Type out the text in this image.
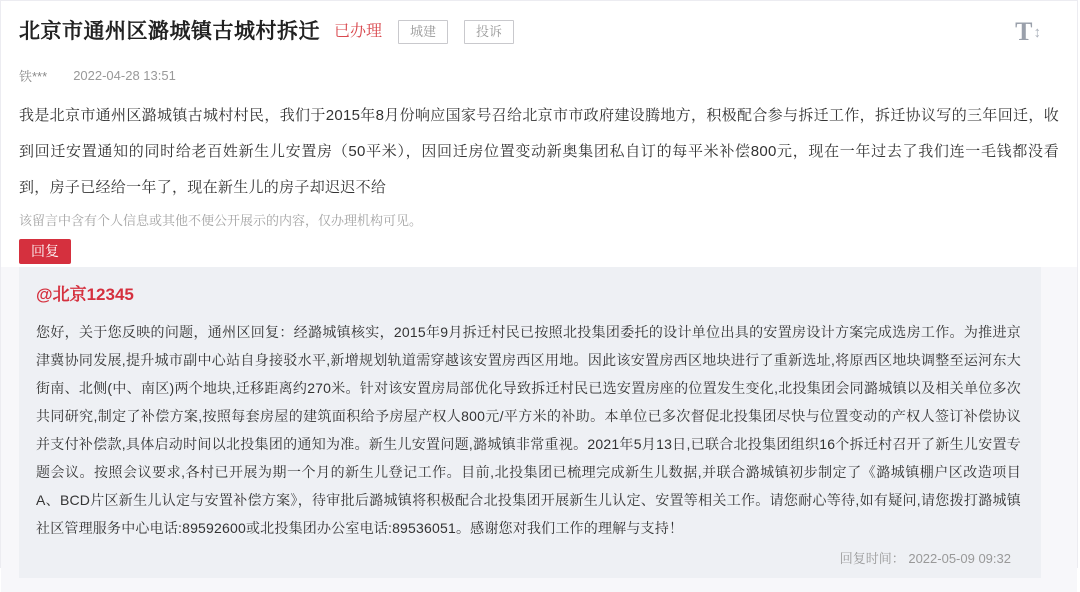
北京市通州区潞城镇古城村拆迁 已办理	城建	投诉	T ↕
铁*** 2022-04-28 13:51
我是北京市通州区潞城镇古城村村民，我们于2015年8月份响应国家号召给北京市市政府建设腾地方，积极配合参与拆迁工作，拆迁协议写的三年回迁，收到回迁安置通知的同时给老百姓新生儿安置房（50平米），因回迁房位置变动新奥集团私自订的每平米补偿800元，现在一年过去了我们连一毛钱都没看到，房子已经给一年了，现在新生儿的房子却迟迟不给
该留言中含有个人信息或其他不便公开展示的内容，仅办理机构可见。
回复
@北京12345
您好，关于您反映的问题，通州区回复：经潞城镇核实，2015年9月拆迁村民已按照北投集团委托的设计单位出具的安置房设计方案完成选房工作。为推进京津冀协同发展,提升城市副中心站自身接驳水平,新增规划轨道需穿越该安置房西区用地。因此该安置房西区地块进行了重新选址,将原西区地块调整至运河东大街南、北侧(中、南区)两个地块,迁移距离约270米。针对该安置房局部优化导致拆迁村民已选安置房座的位置发生变化,北投集团会同潞城镇以及相关单位多次共同研究,制定了补偿方案,按照每套房屋的建筑面积给予房屋产权人800元/平方米的补助。本单位已多次督促北投集团尽快与位置变动的产权人签订补偿协议并支付补偿款,具体启动时间以北投集团的通知为准。新生儿安置问题,潞城镇非常重视。2021年5月13日,已联合北投集团组织16个拆迁村召开了新生儿安置专题会议。按照会议要求,各村已开展为期一个月的新生儿登记工作。目前,北投集团已梳理完成新生儿数据,并联合潞城镇初步制定了《潞城镇棚户区改造项目A、BCD片区新生儿认定与安置补偿方案》，待审批后潞城镇将积极配合北投集团开展新生儿认定、安置等相关工作。请您耐心等待,如有疑问,请您拨打潞城镇社区管理服务中心电话:89592600或北投集团办公室电话:89536051。感谢您对我们工作的理解与支持！
回复时间： 2022-05-09 09:32
